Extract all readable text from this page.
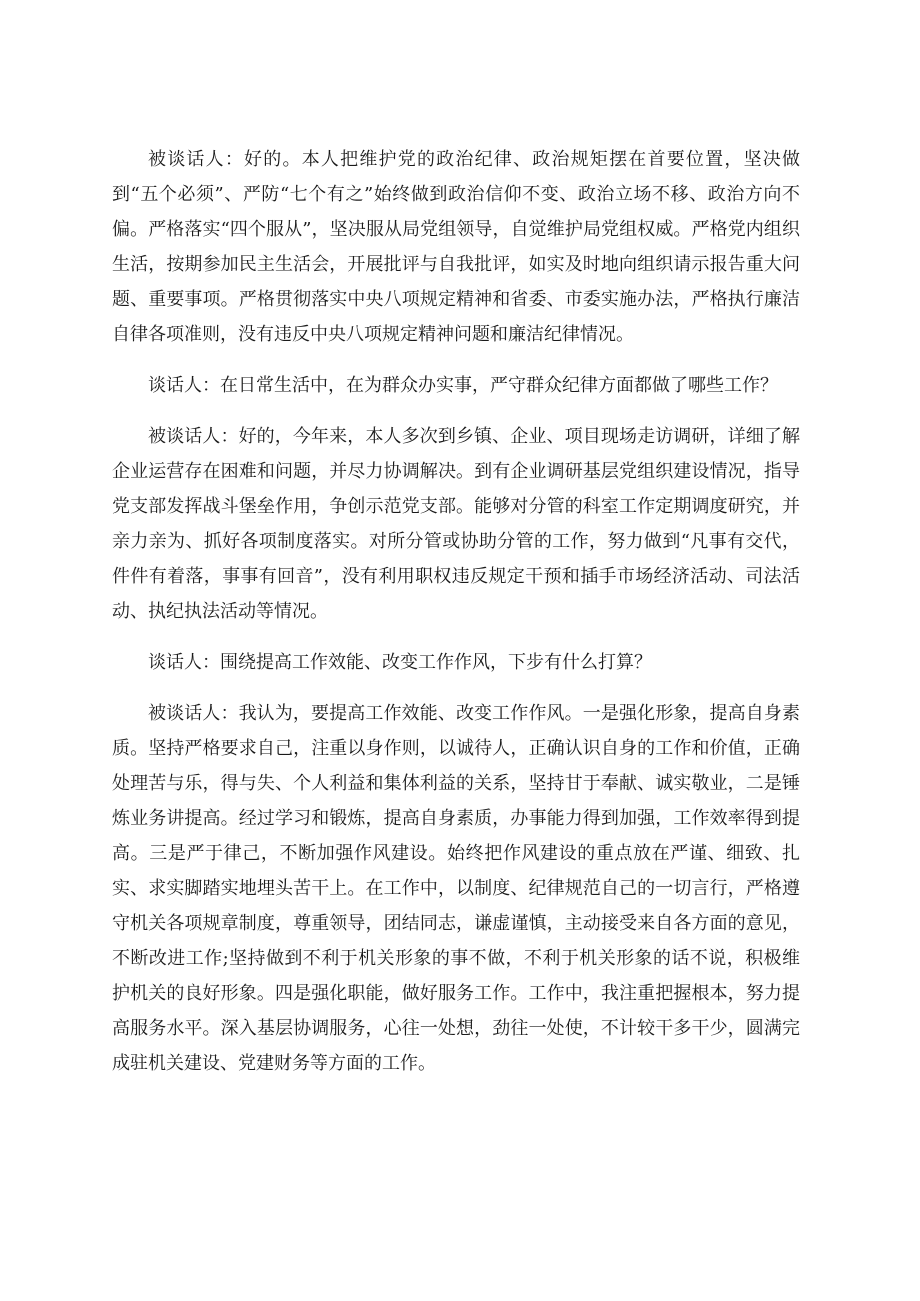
被谈话人：好的。本人把维护党的政治纪律、政治规矩摆在首要位置，坚决做到“五个必须”、严防“七个有之”始终做到政治信仰不变、政治立场不移、政治方向不偏。严格落实“四个服从”，坚决服从局党组领导，自觉维护局党组权威。严格党内组织生活，按期参加民主生活会，开展批评与自我批评，如实及时地向组织请示报告重大问题、重要事项。严格贯彻落实中央八项规定精神和省委、市委实施办法，严格执行廉洁自律各项准则，没有违反中央八项规定精神问题和廉洁纪律情况。

谈话人：在日常生活中，在为群众办实事，严守群众纪律方面都做了哪些工作？

被谈话人：好的，今年来，本人多次到乡镇、企业、项目现场走访调研，详细了解企业运营存在困难和问题，并尽力协调解决。到有企业调研基层党组织建设情况，指导党支部发挥战斗堡垒作用，争创示范党支部。能够对分管的科室工作定期调度研究，并亲力亲为、抓好各项制度落实。对所分管或协助分管的工作，努力做到“凡事有交代，件件有着落，事事有回音”，没有利用职权违反规定干预和插手市场经济活动、司法活动、执纪执法活动等情况。

谈话人：围绕提高工作效能、改变工作作风，下步有什么打算？

被谈话人：我认为，要提高工作效能、改变工作作风。一是强化形象，提高自身素质。坚持严格要求自己，注重以身作则，以诚待人，正确认识自身的工作和价值，正确处理苦与乐，得与失、个人利益和集体利益的关系，坚持甘于奉献、诚实敬业，二是锤炼业务讲提高。经过学习和锻炼，提高自身素质，办事能力得到加强，工作效率得到提高。三是严于律己，不断加强作风建设。始终把作风建设的重点放在严谨、细致、扎实、求实脚踏实地埋头苦干上。在工作中，以制度、纪律规范自己的一切言行，严格遵守机关各项规章制度，尊重领导，团结同志，谦虚谨慎，主动接受来自各方面的意见，不断改进工作;坚持做到不利于机关形象的事不做，不利于机关形象的话不说，积极维护机关的良好形象。四是强化职能，做好服务工作。工作中，我注重把握根本，努力提高服务水平。深入基层协调服务，心往一处想，劲往一处使，不计较干多干少，圆满完成驻机关建设、党建财务等方面的工作。
